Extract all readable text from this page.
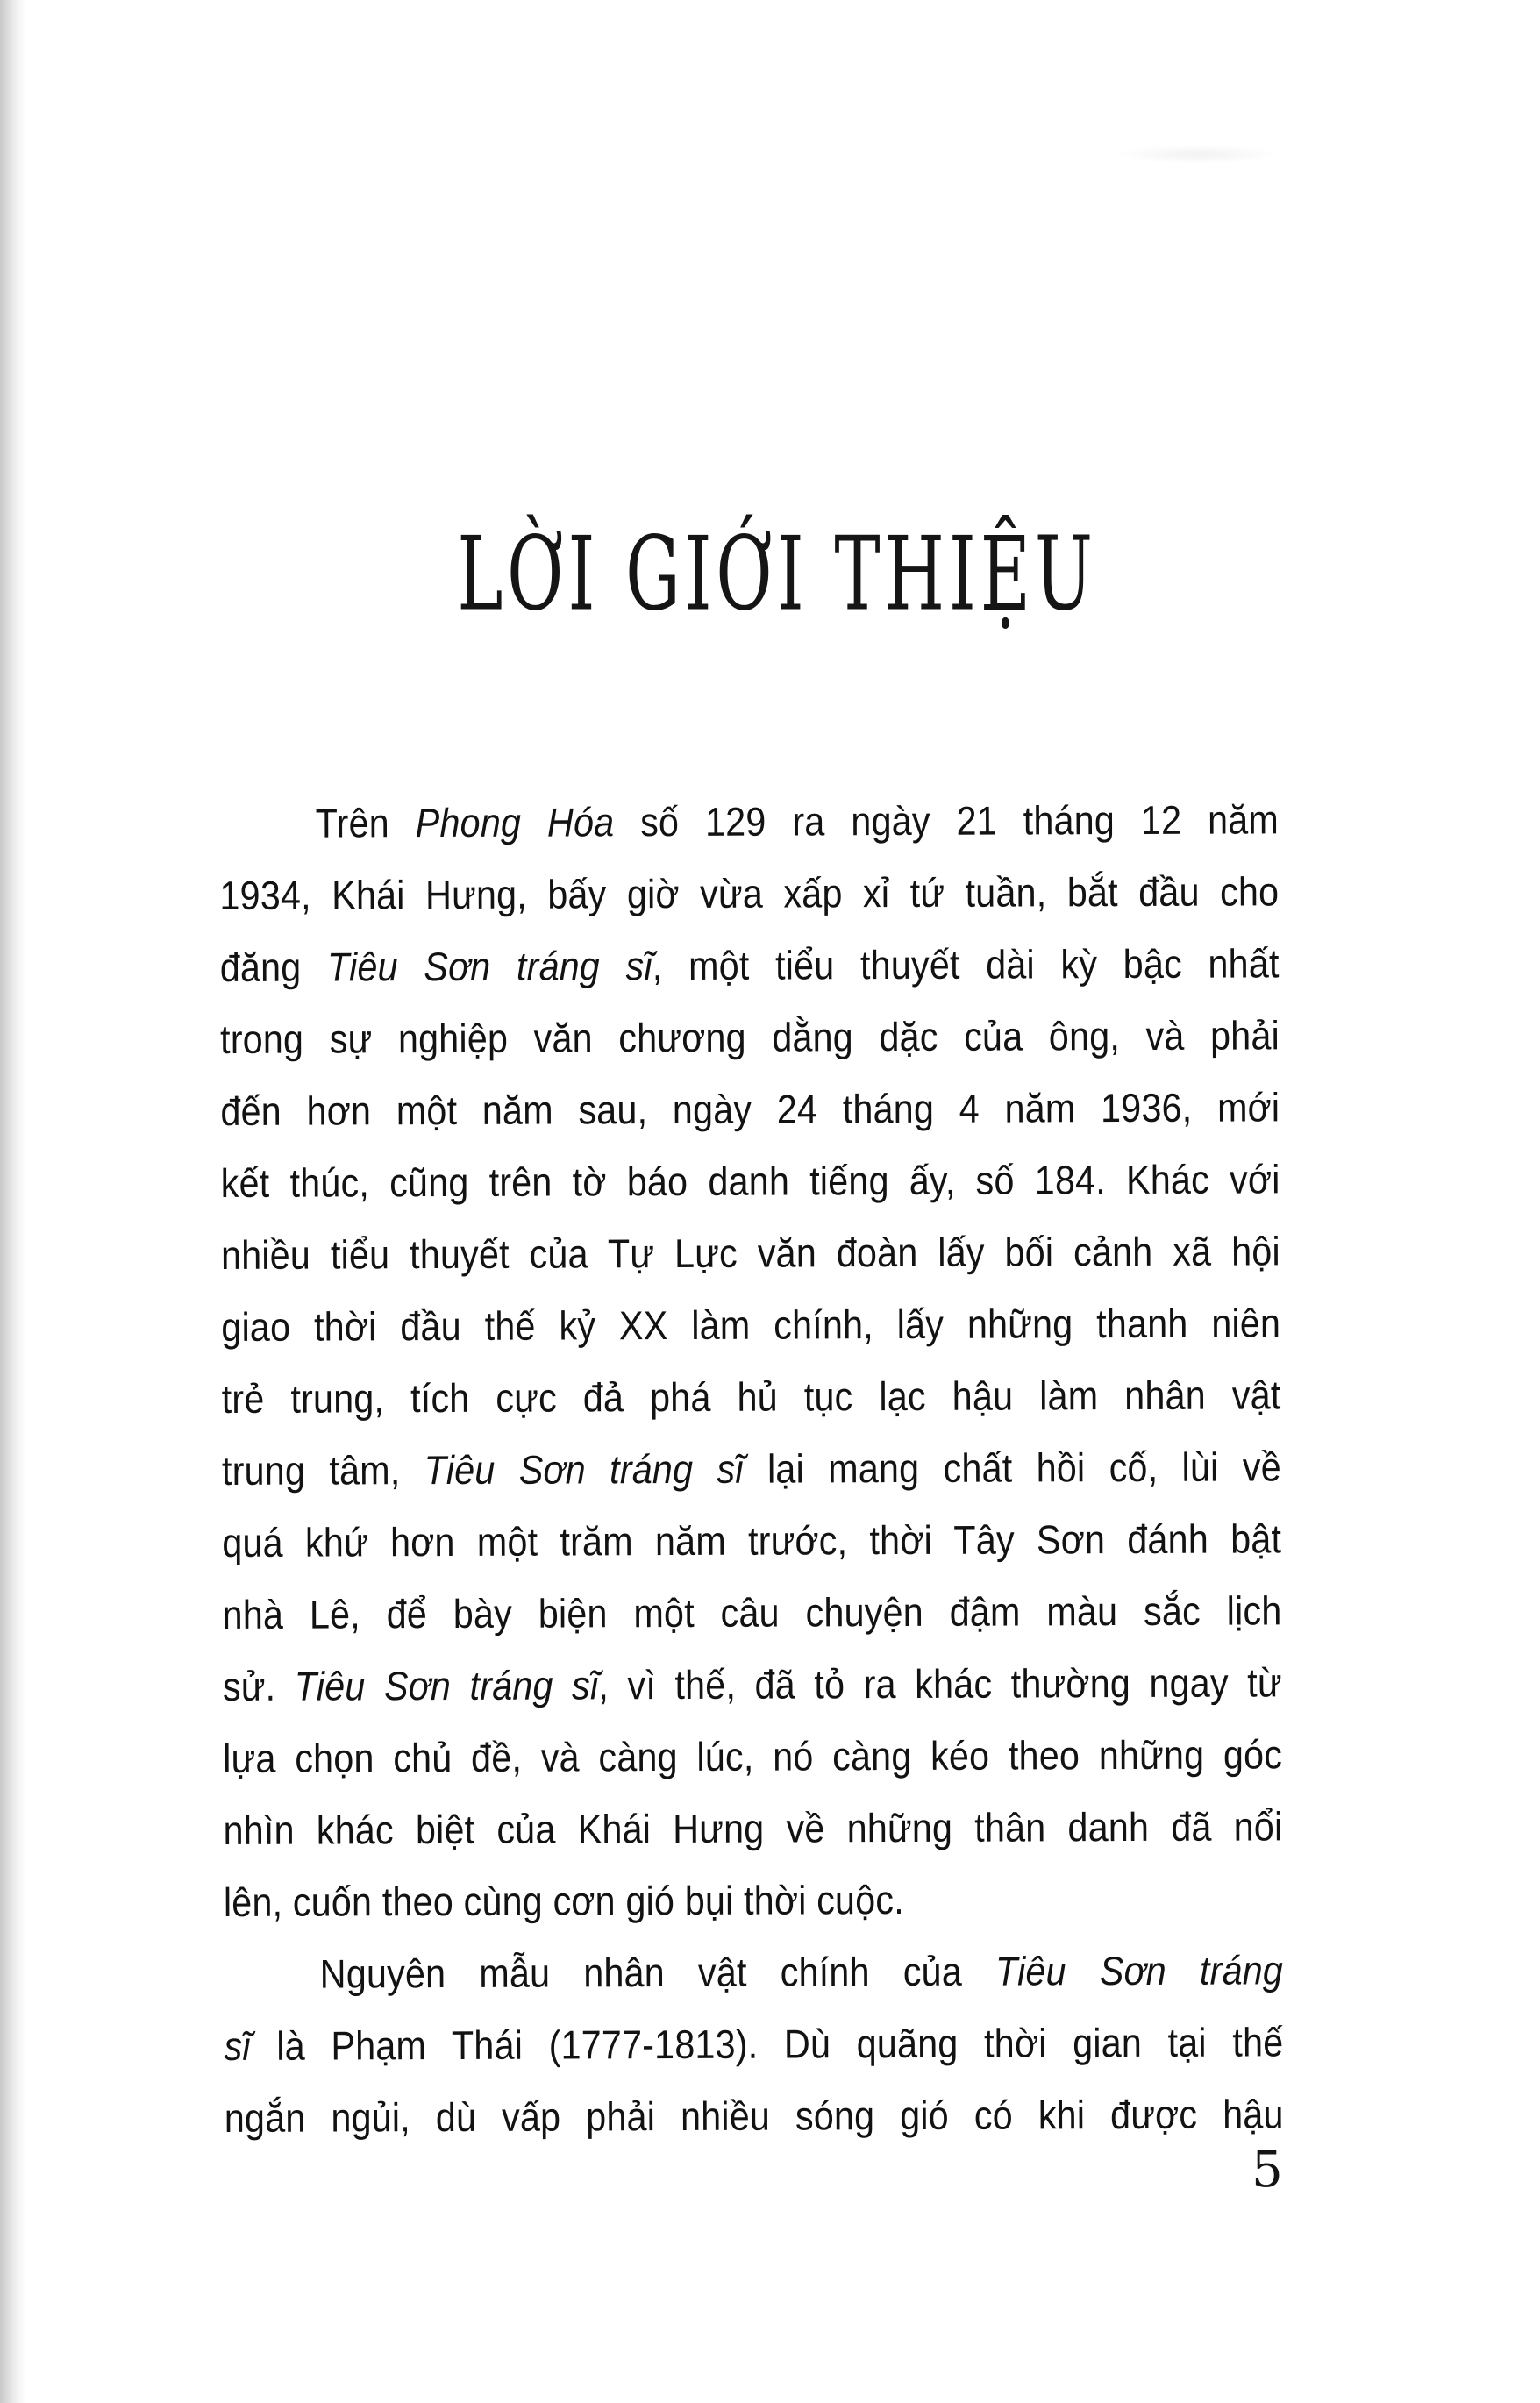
LỜI GIỚI THIỆU
Trên Phong Hóa số 129 ra ngày 21 tháng 12 năm
1934, Khái Hưng, bấy giờ vừa xấp xỉ tứ tuần, bắt đầu cho
đăng Tiêu Sơn tráng sĩ, một tiểu thuyết dài kỳ bậc nhất
trong sự nghiệp văn chương dằng dặc của ông, và phải
đến hơn một năm sau, ngày 24 tháng 4 năm 1936, mới
kết thúc, cũng trên tờ báo danh tiếng ấy, số 184. Khác với
nhiều tiểu thuyết của Tự Lực văn đoàn lấy bối cảnh xã hội
giao thời đầu thế kỷ XX làm chính, lấy những thanh niên
trẻ trung, tích cực đả phá hủ tục lạc hậu làm nhân vật
trung tâm, Tiêu Sơn tráng sĩ lại mang chất hồi cố, lùi về
quá khứ hơn một trăm năm trước, thời Tây Sơn đánh bật
nhà Lê, để bày biện một câu chuyện đậm màu sắc lịch
sử. Tiêu Sơn tráng sĩ, vì thế, đã tỏ ra khác thường ngay từ
lựa chọn chủ đề, và càng lúc, nó càng kéo theo những góc
nhìn khác biệt của Khái Hưng về những thân danh đã nổi
lên, cuốn theo cùng cơn gió bụi thời cuộc.
Nguyên mẫu nhân vật chính của Tiêu Sơn tráng
sĩ là Phạm Thái (1777-1813). Dù quãng thời gian tại thế
ngắn ngủi, dù vấp phải nhiều sóng gió có khi được hậu
5
